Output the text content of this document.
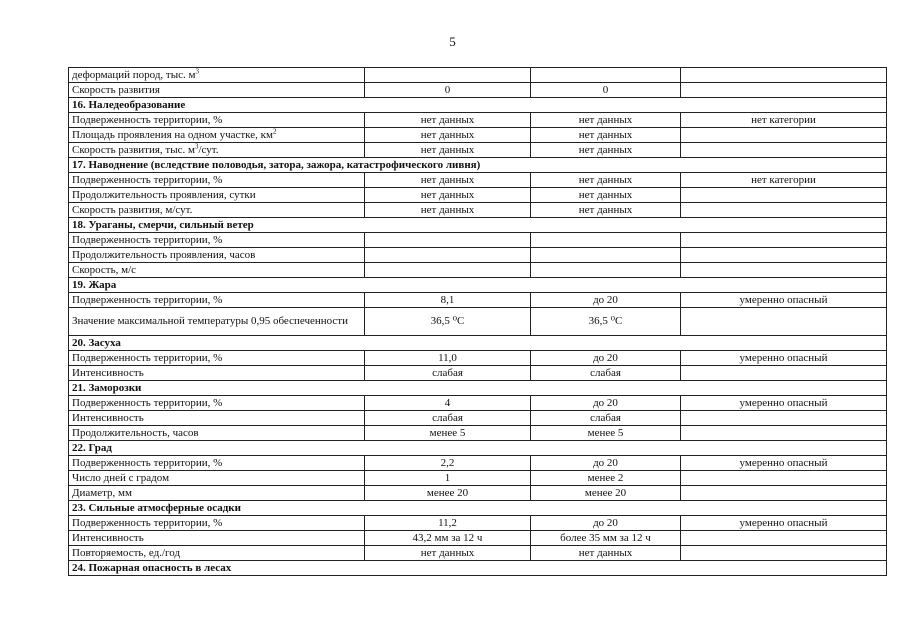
5
деформаций пород, тыс. $м^3$			
Скорость развития	0	0	
16. Наледеобразование			
Подверженность территории, %	нет данных	нет данных	нет категории
Площадь проявления на одном участке, $км^2$	нет данных	нет данных	
Скорость развития, тыс. $м^3$/сут.	нет данных	нет данных	
17. Наводнение (вследствие половодья, затора, зажора, катастрофического ливня)			
Подверженность территории, %	нет данных	нет данных	нет категории
Продолжительность проявления, сутки	нет данных	нет данных	
Скорость развития, м/сут.	нет данных	нет данных	
18. Ураганы, смерчи, сильный ветер			
Подверженность территории, %			
Продолжительность проявления, часов			
Скорость, м/с			
19. Жара			
Подверженность территории, %	8,1	до 20	умеренно опасный
Значение максимальной температуры 0,95 обеспеченности	36,5 ⁰С	36,5 ⁰С	
20. Засуха			
Подверженность территории, %	11,0	до 20	умеренно опасный
Интенсивность	слабая	слабая	
21. Заморозки			
Подверженность территории, %	4	до 20	умеренно опасный
Интенсивность	слабая	слабая	
Продолжительность, часов	менее 5	менее 5	
22. Град			
Подверженность территории, %	2,2	до 20	умеренно опасный
Число дней с градом	1	менее 2	
Диаметр, мм	менее 20	менее 20	
23. Сильные атмосферные осадки			
Подверженность территории, %	11,2	до 20	умеренно опасный
Интенсивность	43,2 мм за 12 ч	более 35 мм за 12 ч	
Повторяемость, ед./год	нет данных	нет данных	
24. Пожарная опасность в лесах			
